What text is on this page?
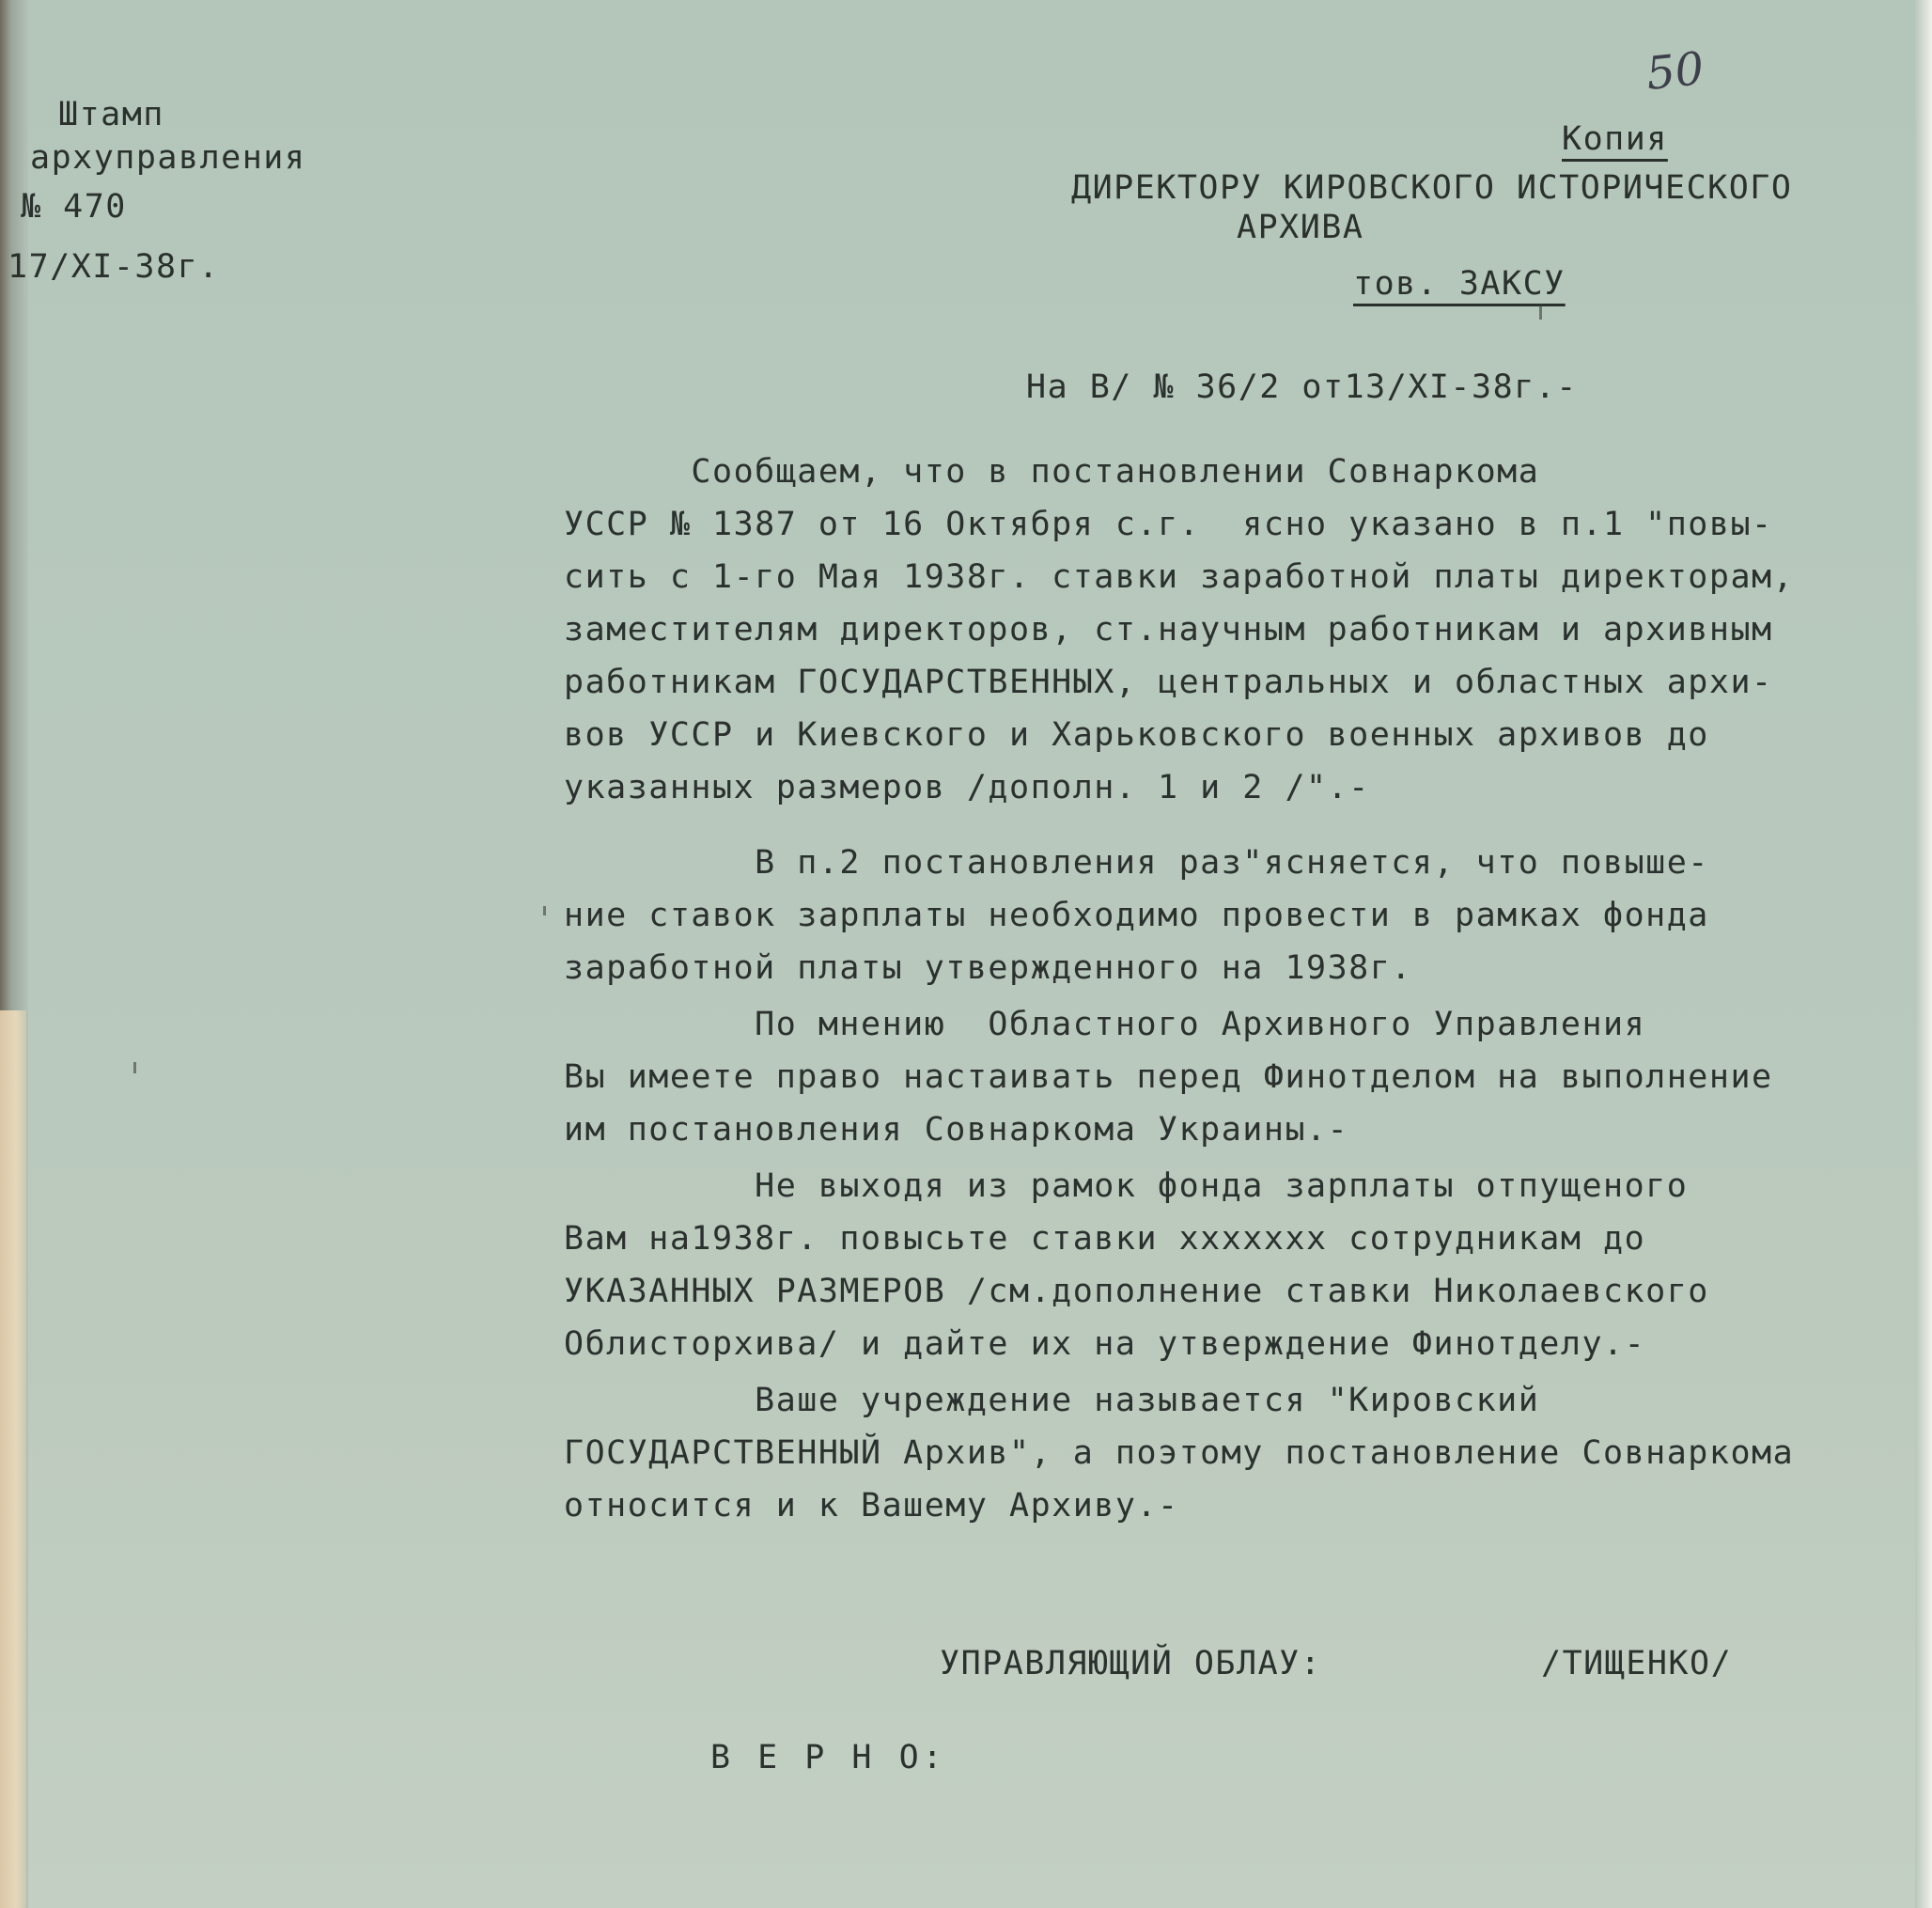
50
Штамп
архуправления
№ 470
17/XI-38г.
Копия
ДИРЕКТОРУ КИРОВСКОГО ИСТОРИЧЕСКОГО
АРХИВА
тов. ЗАКСУ
На В/ № 36/2 от13/XI-38г.-
Сообщаем, что в постановлении Совнаркома
УССР № 1387 от 16 Октября с.г.  ясно указано в п.1 "повы-
сить с 1-го Мая 1938г. ставки заработной платы директорам,
заместителям директоров, ст.научным работникам и архивным
работникам ГОСУДАРСТВЕННЫХ, центральных и областных архи-
вов УССР и Киевского и Харьковского военных архивов до
указанных размеров /дополн. 1 и 2 /".-
В п.2 постановления раз"ясняется, что повыше-
ние ставок зарплаты необходимо провести в рамках фонда
заработной платы утвержденного на 1938г.
По мнению  Областного Архивного Управления
Вы имеете право настаивать перед Финотделом на выполнение
им постановления Совнаркома Украины.-
Не выходя из рамок фонда зарплаты отпущеного
Вам на1938г. повысьте ставки ххххххх сотрудникам до
УКАЗАННЫХ РАЗМЕРОВ /см.дополнение ставки Николаевского
Облисторхива/ и дайте их на утверждение Финотделу.-
Ваше учреждение называется "Кировский
ГОСУДАРСТВЕННЫЙ Архив", а поэтому постановление Совнаркома
относится и к Вашему Архиву.-
УПРАВЛЯЮЩИЙ ОБЛАУ:	/ТИЩЕНКО/
В Е Р Н О:
